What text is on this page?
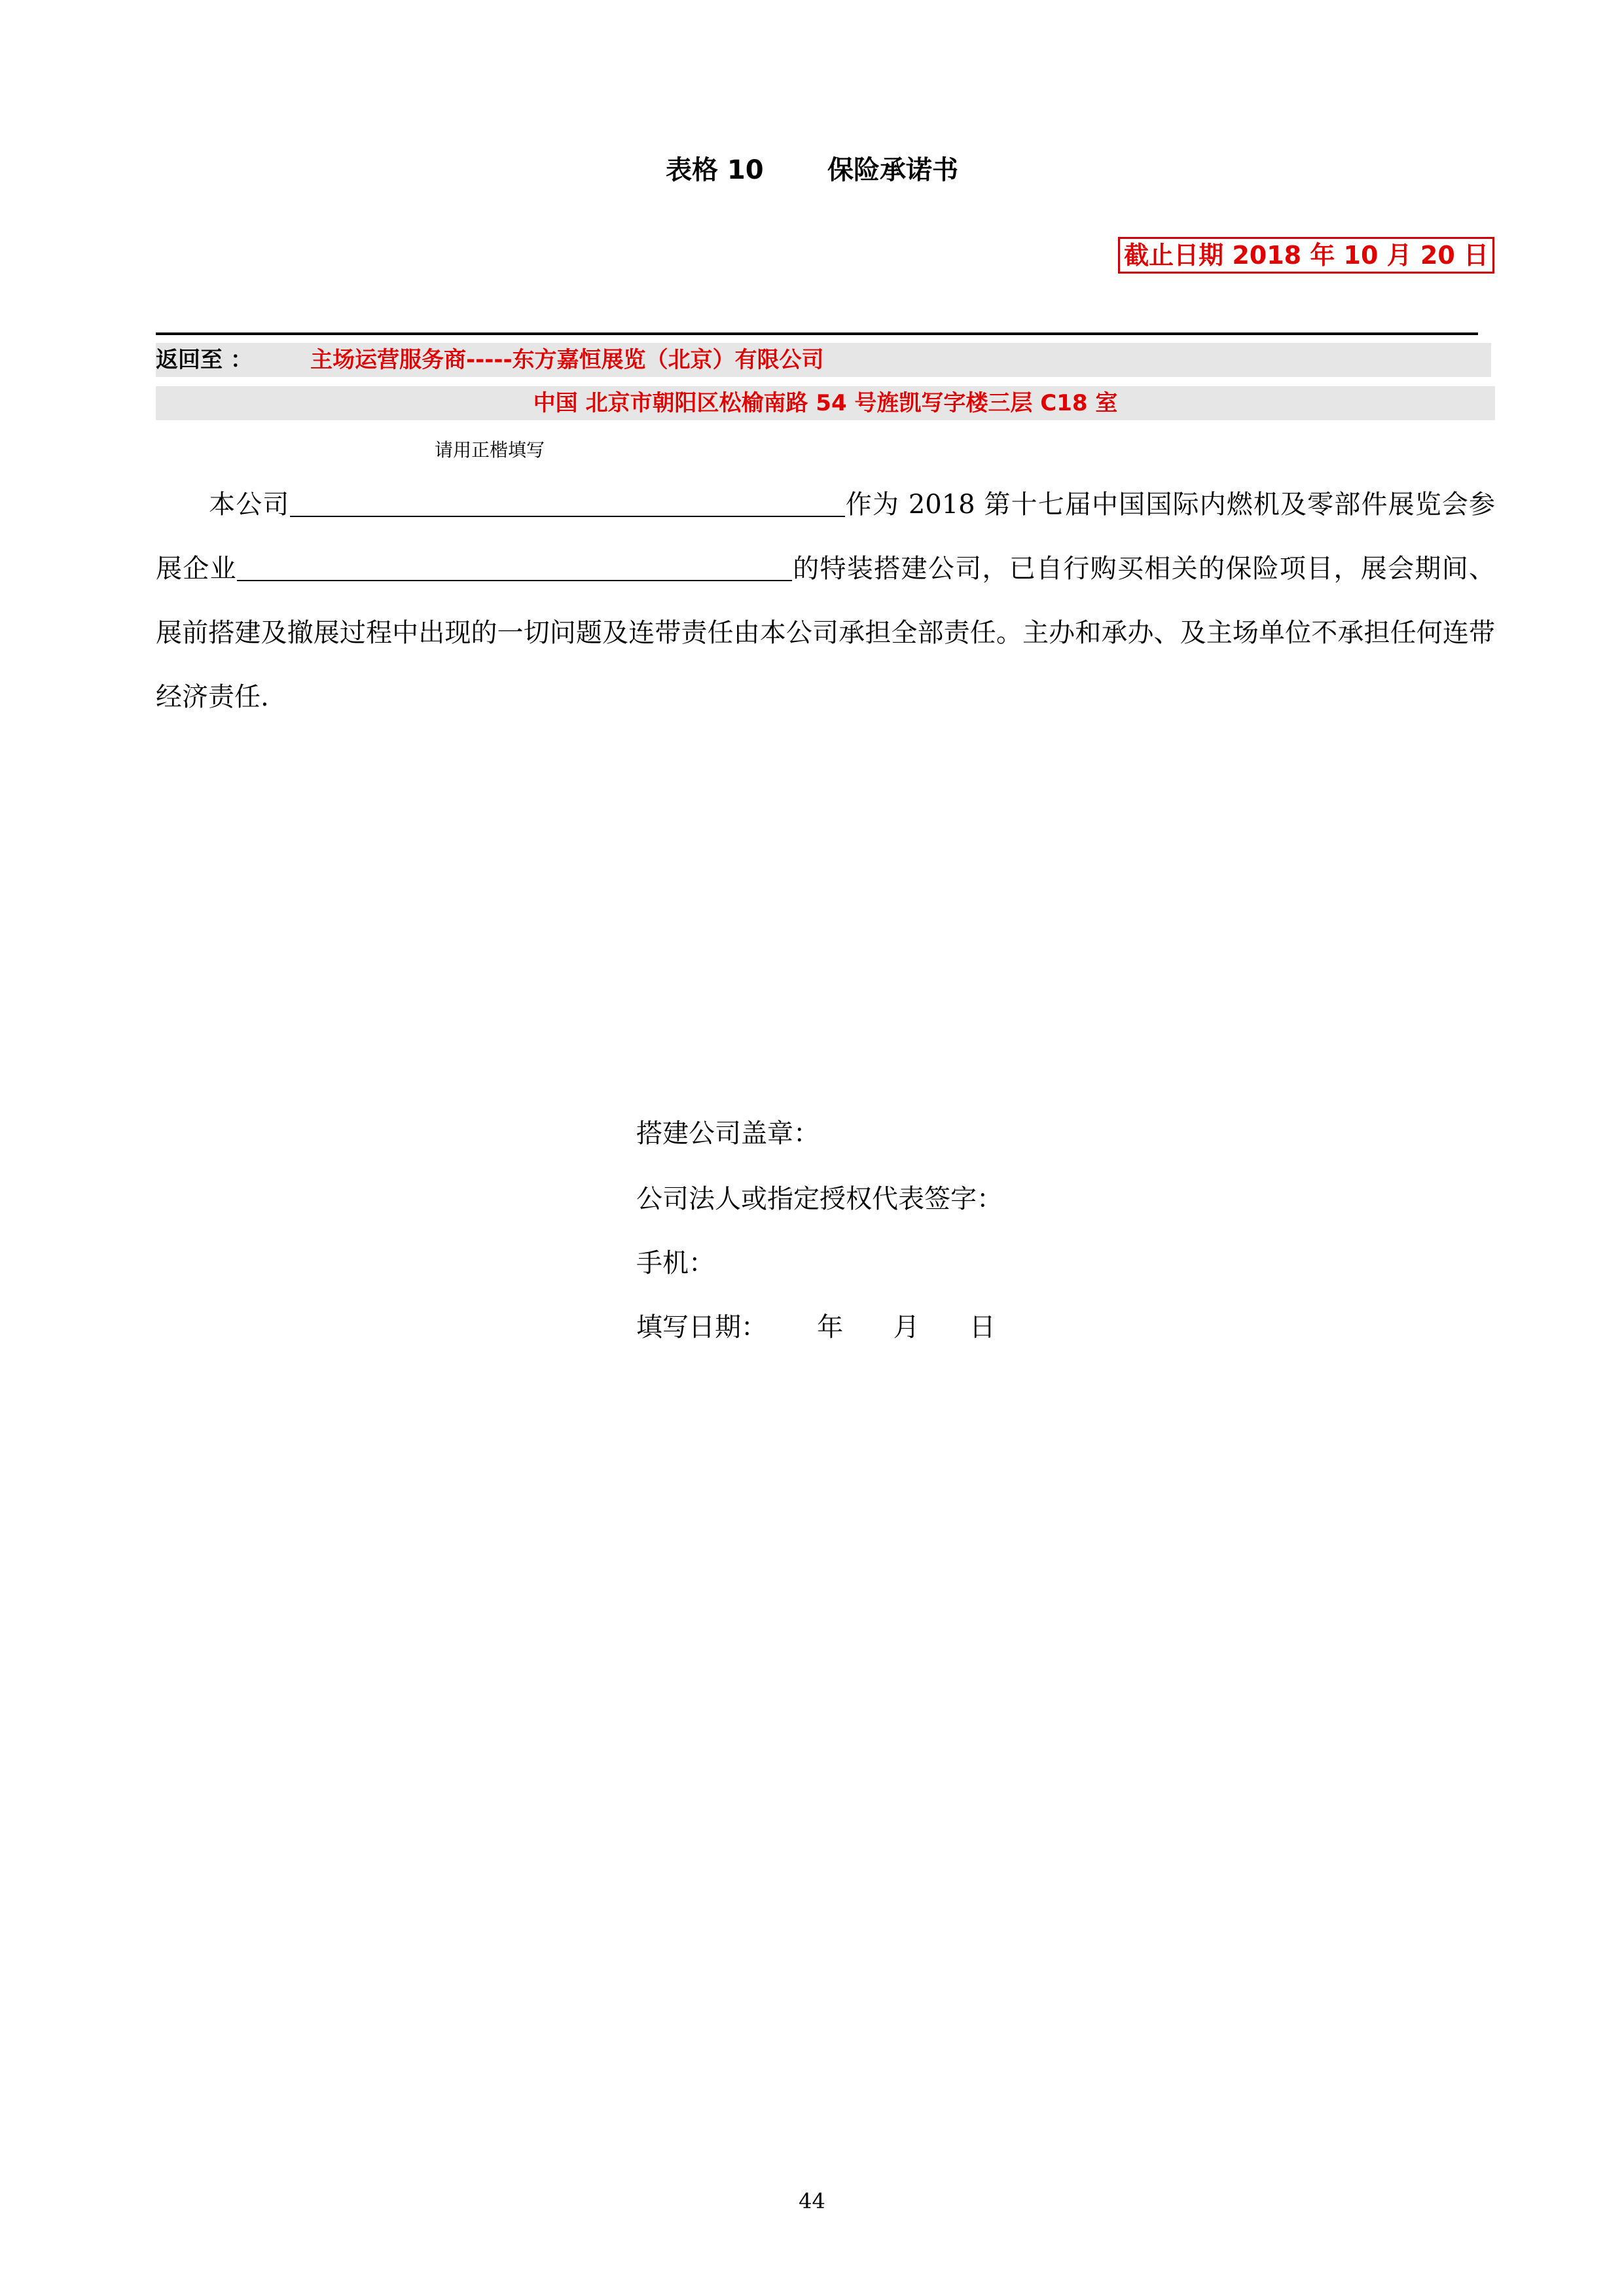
表格 10       保险承诺书
截止日期 2018 年 10 月 20 日
返回至 ：	主场运营服务商-----东方嘉恒展览（北京）有限公司
中国 北京市朝阳区松榆南路 54 号旌凯写字楼三层 C18 室
请用正楷填写
本公司	作为 2018 第十七届中国国际内燃机及零部件展览会参展企业	的特装搭建公司，已自行购买相关的保险项目，展会期间、展前搭建及撤展过程中出现的一切问题及连带责任由本公司承担全部责任。主办和承办、及主场单位不承担任何连带经济责任.
搭建公司盖章：
公司法人或指定授权代表签字：
手机：
填写日期：      年      月      日
44
